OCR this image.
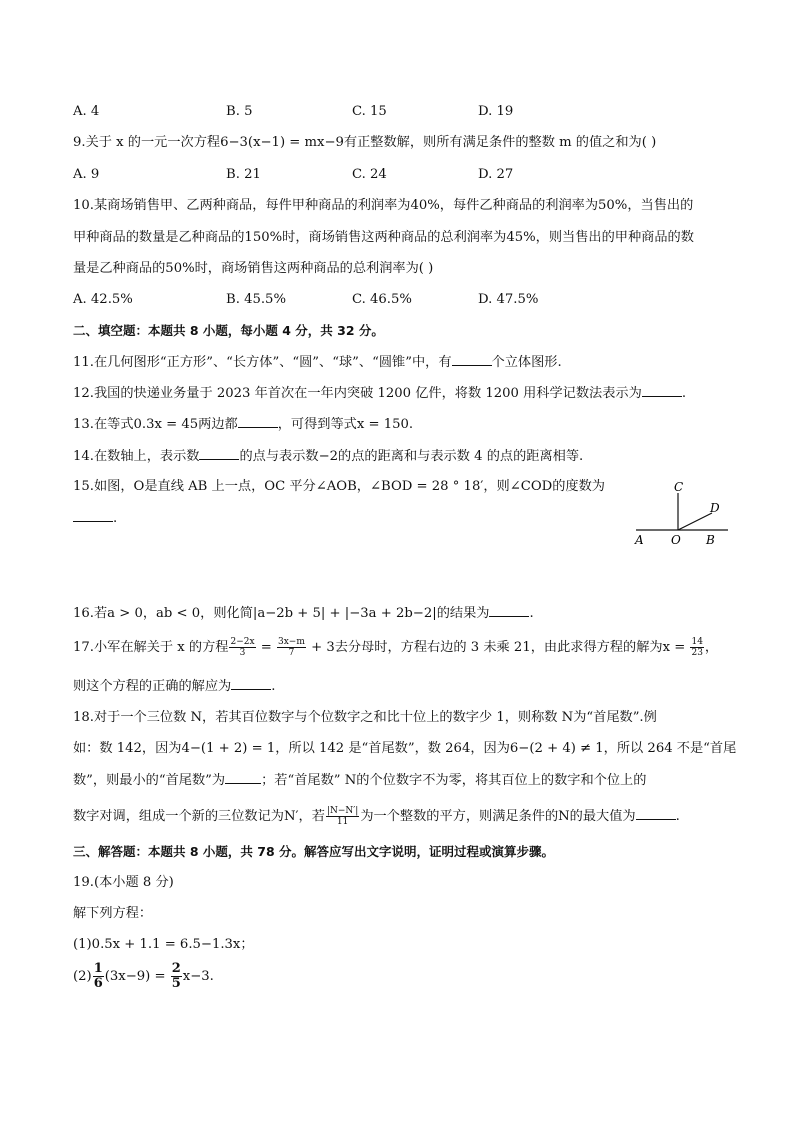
A. 4	B. 5	C. 15	D. 19
9.关于 x 的一元一次方程6−3(x−1) = mx−9有正整数解，则所有满足条件的整数 m 的值之和为( )
A. 9	B. 21	C. 24	D. 27
10.某商场销售甲、乙两种商品，每件甲种商品的利润率为40%，每件乙种商品的利润率为50%，当售出的
甲种商品的数量是乙种商品的150%时，商场销售这两种商品的总利润率为45%，则当售出的甲种商品的数
量是乙种商品的50%时，商场销售这两种商品的总利润率为( )
A. 42.5%	B. 45.5%	C. 46.5%	D. 47.5%
二、填空题：本题共 8 小题，每小题 4 分，共 32 分。
11.在几何图形“正方形”、“长方体”、“圆”、“球”、“圆锥”中，有	个立体图形.
12.我国的快递业务量于 2023 年首次在一年内突破 1200 亿件，将数 1200 用科学记数法表示为	.
13.在等式0.3x = 45两边都	，可得到等式x = 150.
14.在数轴上，表示数	的点与表示数−2的点的距离和与表示数 4 的点的距离相等.
15.如图，O是直线 AB 上一点，OC 平分∠AOB，∠BOD = 28 ° 18′，则∠COD的度数为
.
C
D
A O B
16.若a > 0，ab < 0，则化简|a−2b + 5| + |−3a + 2b−2|的结果为	.
17.小军在解关于 x 的方程 $\frac{2-2x}{3} = \frac{3x-m}{7} + 3$去分母时，方程右边的 3 未乘 21，由此求得方程的解为$x = \frac{14}{23}$ ，
则这个方程的正确的解应为	.
18.对于一个三位数 N，若其百位数字与个位数字之和比十位上的数字少 1，则称数 N为“首尾数”.例
如：数 142，因为4−(1 + 2) = 1，所以 142 是“首尾数”，数 264，因为6−(2 + 4) ≠ 1，所以 264 不是“首尾
数”，则最小的“首尾数”为	；若“首尾数” N的个位数字不为零，将其百位上的数字和个位上的
数字对调，组成一个新的三位数记为N′，若 $\frac{|N-N'|}{11}$ 为一个整数的平方，则满足条件的N的最大值为	.
三、解答题：本题共 8 小题，共 78 分。解答应写出文字说明，证明过程或演算步骤。
19.(本小题 8 分)
解下列方程：
(1)0.5x + 1.1 = 6.5−1.3x；
$(2) \frac{1}{6} (3x-9) = \frac{2}{5} x-3$.
